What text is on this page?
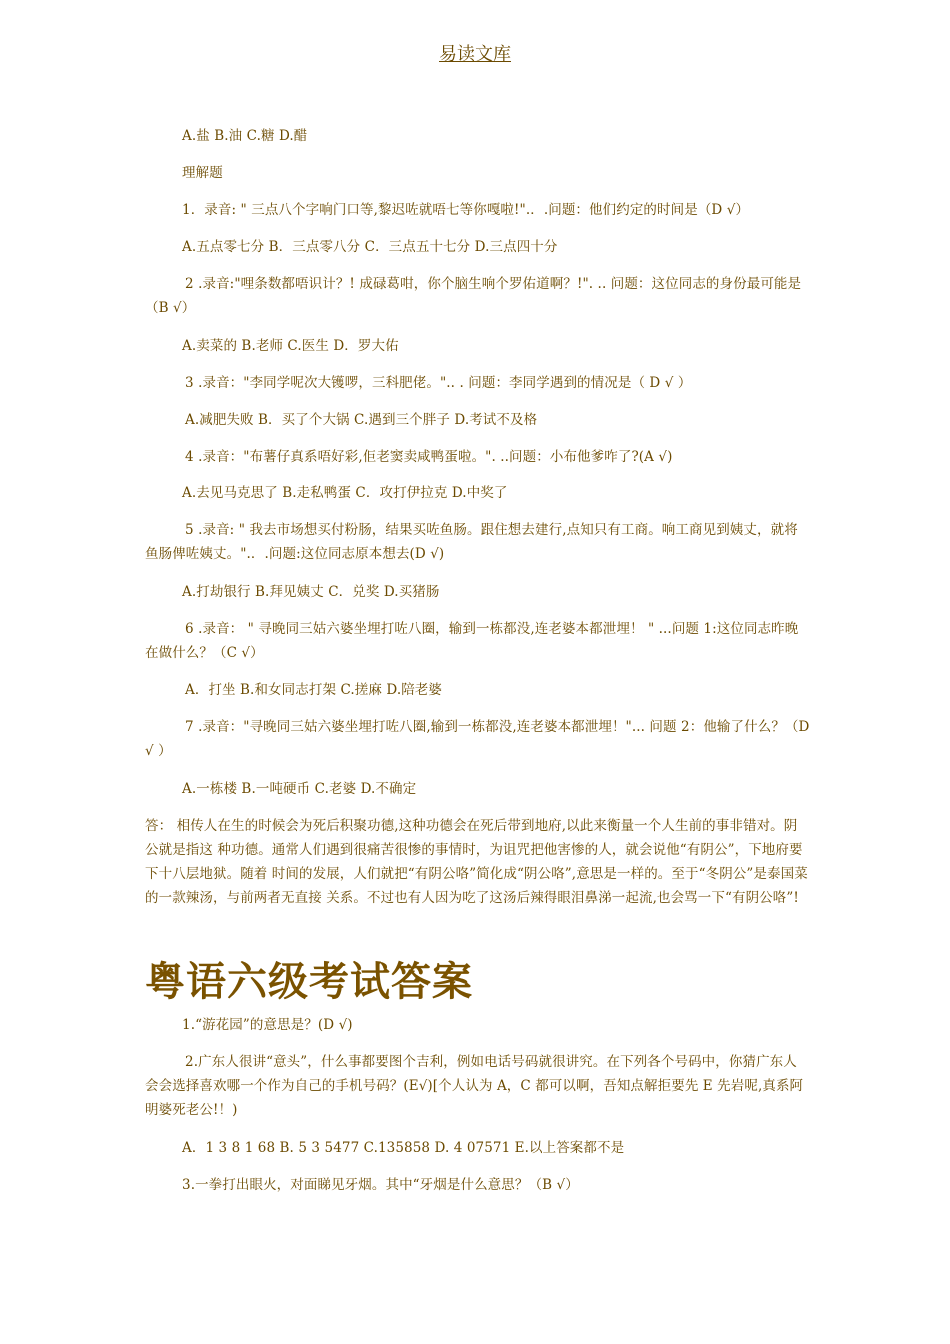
易读文库
A.盐 B.油 C.糖 D.醋
理解题
1．录音: " 三点八个字响门口等,黎迟咗就唔七等你嘎啦!".．.问题：他们约定的时间是（D √）
A.五点零七分 B．三点零八分 C．三点五十七分 D.三点四十分
2 .录音:"哩条数都唔识计？! 成碌葛咁，你个脑生响个罗佑道啊？!". .. 问题：这位同志的身份最可能是（B √）
A.卖菜的 B.老师 C.医生 D．罗大佑
3 .录音："李同学呢次大镬啰，三科肥佬。".. . 问题：李同学遇到的情况是（ D √ ）
A.减肥失败 B．买了个大锅 C.遇到三个胖子 D.考试不及格
4 .录音："布薯仔真系唔好彩,佢老窦卖咸鸭蛋啦。". ..问题：小布他爹咋了?(A √)
A.去见马克思了 B.走私鸭蛋 C．攻打伊拉克 D.中奖了
5 .录音: " 我去市场想买付粉肠，结果买咗鱼肠。跟住想去建行,点知只有工商。响工商见到姨丈，就将鱼肠俾咗姨丈。".．.问题:这位同志原本想去(D √)
A.打劫银行 B.拜见姨丈 C．兑奖 D.买猪肠
6 .录音： " 寻晚同三姑六婆坐埋打咗八圈，输到一栋都没,连老婆本都泄埋！ " ...问题 1:这位同志昨晚在做什么？（C √）
A．打坐 B.和女同志打架 C.搓麻 D.陪老婆
7 .录音："寻晚同三姑六婆坐埋打咗八圈,输到一栋都没,连老婆本都泄埋！"... 问题 2：他输了什么？（D √ ）
A.一栋楼 B.一吨硬币 C.老婆 D.不确定
答： 相传人在生的时候会为死后积聚功德,这种功德会在死后带到地府,以此来衡量一个人生前的事非错对。阴公就是指这 种功德。通常人们遇到很痛苦很惨的事情时，为诅咒把他害惨的人，就会说他“有阴公”，下地府要下十八层地狱。随着 时间的发展，人们就把“有阴公咯”简化成“阴公咯”,意思是一样的。至于“冬阴公”是泰国菜的一款辣汤，与前两者无直接 关系。不过也有人因为吃了这汤后辣得眼泪鼻涕一起流,也会骂一下“有阴公咯”!
粤语六级考试答案
1.“游花园”的意思是？(D √)
2.广东人很讲“意头”，什么事都要图个吉利，例如电话号码就很讲究。在下列各个号码中，你猜广东人会会选择喜欢哪一个作为自己的手机号码？(E√)[个人认为 A，C 都可以啊，吾知点解拒要先 E 先岩呢,真系阿明婆死老公!！)
A．1 3 8 1 68 B. 5 3 5477 C.135858 D. 4 07571 E.以上答案都不是
3.一拳打出眼火，对面睇见牙烟。其中“牙烟是什么意思？（B √）
